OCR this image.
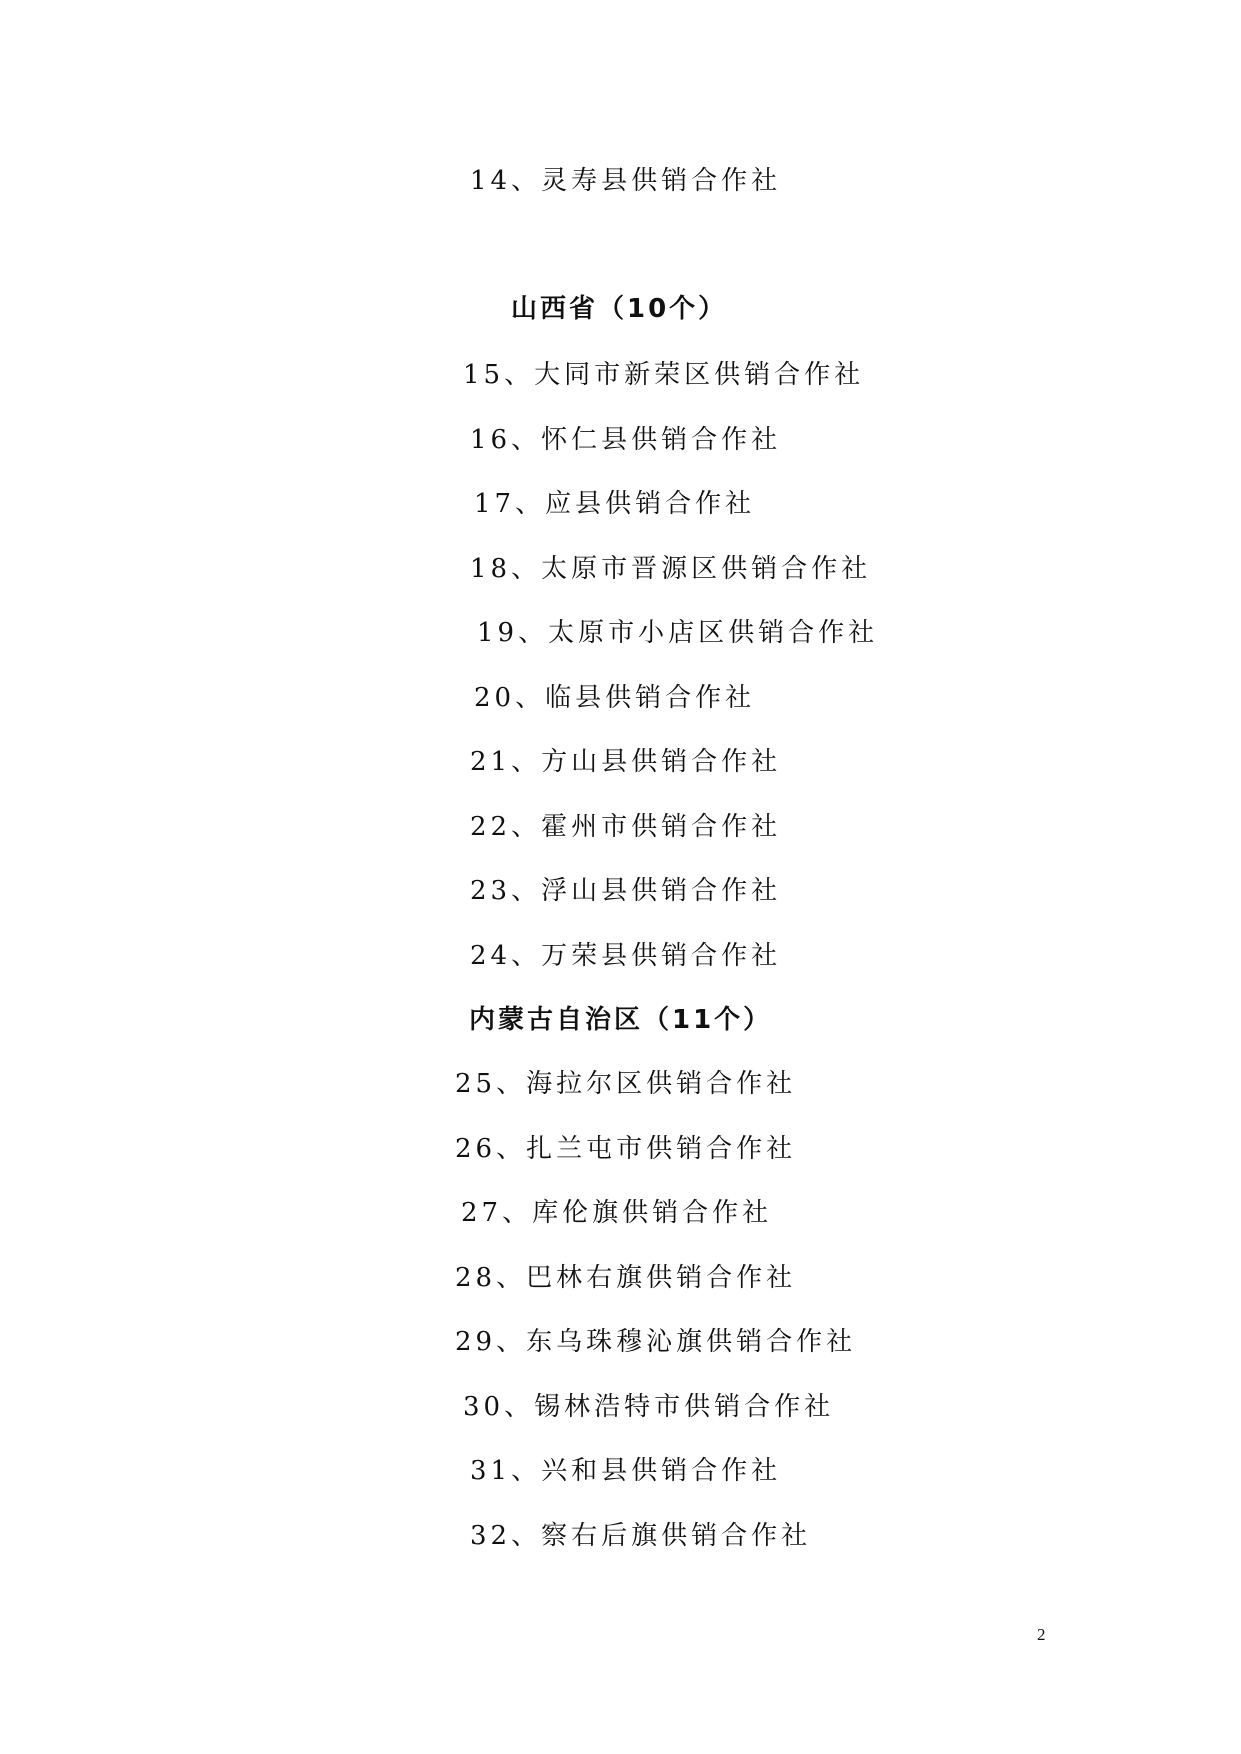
14、灵寿县供销合作社
山西省（10个）
15、大同市新荣区供销合作社
16、怀仁县供销合作社
17、应县供销合作社
18、太原市晋源区供销合作社
19、太原市小店区供销合作社
20、临县供销合作社
21、方山县供销合作社
22、霍州市供销合作社
23、浮山县供销合作社
24、万荣县供销合作社
内蒙古自治区（11个）
25、海拉尔区供销合作社
26、扎兰屯市供销合作社
27、库伦旗供销合作社
28、巴林右旗供销合作社
29、东乌珠穆沁旗供销合作社
30、锡林浩特市供销合作社
31、兴和县供销合作社
32、察右后旗供销合作社
2
